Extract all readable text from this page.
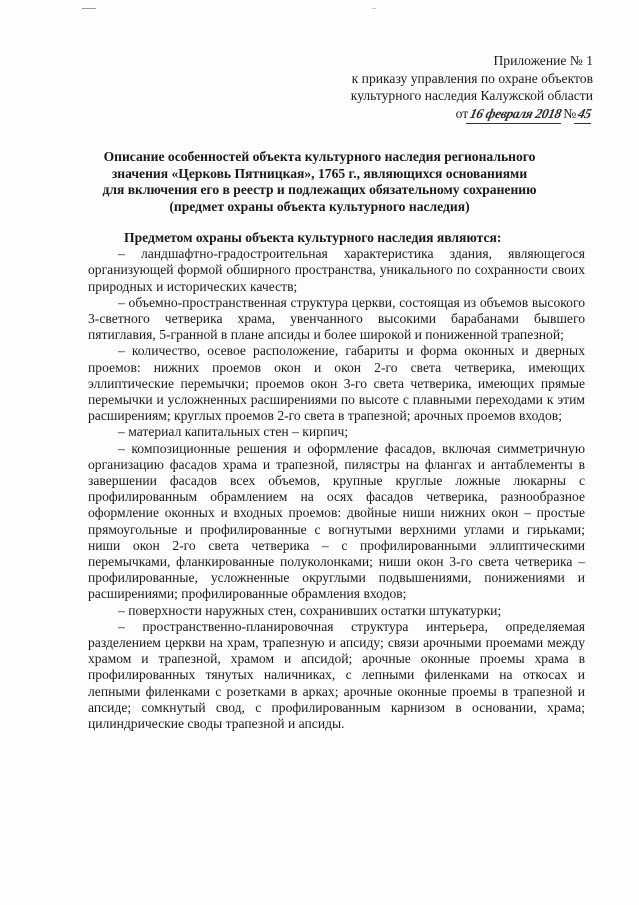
Приложение № 1
к приказу управления по охране объектов
культурного наследия Калужской области
от16 февраля 2018№45
Описание особенностей объекта культурного наследия регионального
значения «Церковь Пятницкая», 1765 г., являющихся основаниями
для включения его в реестр и подлежащих обязательному сохранению
(предмет охраны объекта культурного наследия)

Предметом охраны объекта культурного наследия являются:

– ландшафтно-градостроительная характеристика здания, являющегося организующей формой обширного пространства, уникального по сохранности своих природных и исторических качеств;

– объемно-пространственная структура церкви, состоящая из объемов высокого 3-светного четверика храма, увенчанного высокими барабанами бывшего пятиглавия, 5-гранной в плане апсиды и более широкой и пониженной трапезной;

– количество, осевое расположение, габариты и форма оконных и дверных проемов: нижних проемов окон и окон 2-го света четверика, имеющих эллиптические перемычки; проемов окон 3-го света четверика, имеющих прямые перемычки и усложненных расширениями по высоте с плавными переходами к этим расширениям; круглых проемов 2-го света в трапезной; арочных проемов входов;

– материал капитальных стен – кирпич;

– композиционные решения и оформление фасадов, включая симметричную организацию фасадов храма и трапезной, пилястры на флангах и антаблементы в завершении фасадов всех объемов, крупные круглые ложные люкарны с профилированным обрамлением на осях фасадов четверика, разнообразное оформление оконных и входных проемов: двойные ниши нижних окон – простые прямоугольные и профилированные с вогнутыми верхними углами и гирьками; ниши окон 2-го света четверика – с профилированными эллиптическими перемычками, фланкированные полуколонками; ниши окон 3-го света четверика – профилированные, усложненные округлыми подвышениями, понижениями и расширениями; профилированные обрамления входов;

– поверхности наружных стен, сохранивших остатки штукатурки;

– пространственно-планировочная структура интерьера, определяемая разделением церкви на храм, трапезную и апсиду; связи арочными проемами между храмом и трапезной, храмом и апсидой; арочные оконные проемы храма в профилированных тянутых наличниках, с лепными филенками на откосах и лепными филенками с розетками в арках; арочные оконные проемы в трапезной и апсиде; сомкнутый свод, с профилированным карнизом в основании, храма; цилиндрические своды трапезной и апсиды.
